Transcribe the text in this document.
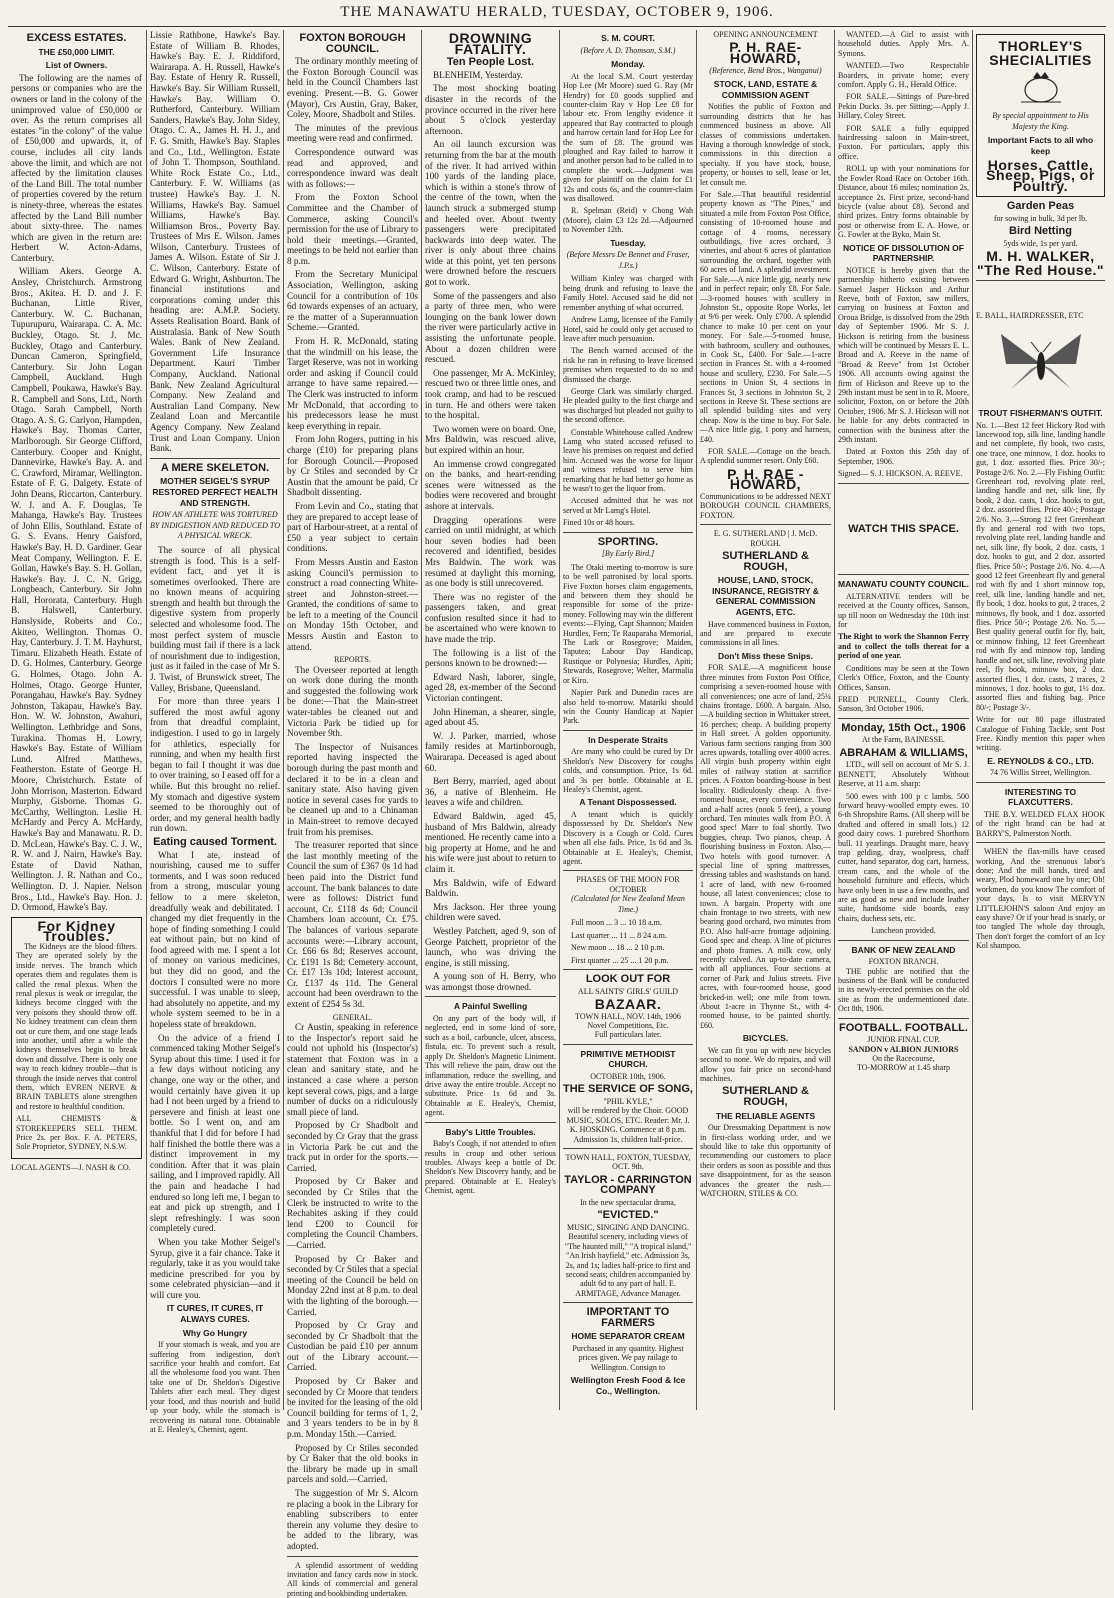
THE MANAWATU HERALD, TUESDAY, OCTOBER 9, 1906.
EXCESS ESTATES.
THE £50,000 LIMIT.
List of Owners.

The following are the names of persons or companies who are the owners or land in the colony of the unimproved value of £50,000 or over. As the return comprises all estates "in the colony" of the value of £50,000 and upwards, it, of course, includes all city lands above the limit, and which are not affected by the limitation clauses of the Land Bill. The total number of properties covered by the return is ninety-three, whereas the estates affected by the Land Bill number about sixty-three. The names which are given in the return are: Herbert W. Acton-Adams, Canterbury.

William Akers. George A. Ansley, Christchurch. Armstrong Bros., Akitea. H. D. and J. F. Buchanan, Little River, Canterbury. W. C. Buchanan, Tupurupuru, Wairarapa. C. A. Mc. Buckley, Otago. St. J. Mc. Buckley, Otago and Canterbury. Duncan Cameron, Springfield, Canterbury. Sir John Logan Campbell, Auckland. Hugh Campbell, Poukawa, Hawke's Bay. R. Campbell and Sons, Ltd., North Otago. Sarah Campbell, North Otago. A. S. G. Carlyon, Hampden, Hawke's Bay. Thomas Carter, Marlborough. Sir George Clifford, Canterbury. Cooper and Knight, Dannevirke, Hawke's Bay. A. and C. Crawford, Miramar, Wellington. Estate of F. G. Dalgety. Estate of John Deans, Riccarton, Canterbury. W. J. and A. F. Douglas, Te Mahanga, Hawke's Bay. Trustees of John Ellis, Southland. Estate of G. S. Evans. Henry Gaisford, Hawke's Bay. H. D. Gardiner. Gear Meat Company, Wellington. F. E. Gollan, Hawke's Bay. S. H. Gollan, Hawke's Bay. J. C. N. Grigg, Longbeach, Canterbury. Sir John Hall, Hororata, Canterbury. Hugh B. Halswell, Canterbury. Hanslyside, Roberts and Co., Akiteo, Wellington. Thomas O. Hay, Canterbury. J. T. M. Hayhurst, Timaru. Elizabeth Heath. Estate of D. G. Holmes, Canterbury. George G. Holmes, Otago. John A. Holmes, Otago. George Hunter, Porangahau, Hawke's Bay. Sydney Johnston, Takapau, Hawke's Bay. Hon. W. W. Johnston, Awahuri, Wellington. Lethbridge and Sons, Turakina. Thomas H. Lowry, Hawke's Bay. Estate of William Lund. Alfred Matthews, Featherston. Estate of George H. Moore, Christchurch. Estate of John Morrison, Masterton. Edward Murphy, Gisborne. Thomas G. McCarthy, Wellington. Leslie H. McHardy and Percy A. McHardy, Hawke's Bay and Manawatu. R. D. D. McLean, Hawke's Bay. C. J. W., R. W. and J. Nairn, Hawke's Bay. Estate of David Nathan, Wellington. J. R. Nathan and Co., Wellington. D. J. Napier. Nelson Bros., Ltd., Hawke's Bay. Hon. J. D. Ormond, Hawke's Bay.

For Kidney Troubles.

The Kidneys are the blood filters. They are operated solely by the inside nerves. The branch which operates them and regulates them is called the renal plexus. When the renal plexus is weak or irregular, the kidneys become clogged with the very poisons they should throw off. No kidney treatment can clean them out or cure them, and one stage leads into another, until after a while the kidneys themselves begin to break down and dissolve. There is only one way to reach kidney trouble—that is through the inside nerves that control them, which EVREN NERVE & BRAIN TABLETS alone strengthen and restore to healthful condition.

ALL CHEMISTS & STOREKEEPERS SELL THEM. Price 2s. per Box. F. A. PETERS, Sole Proprietor, SYDNEY, N.S.W.

LOCAL AGENTS—J. NASH & CO.

Lissie Rathbone, Hawke's Bay. Estate of William B. Rhodes, Hawke's Bay. E. J. Riddiford, Wairarapa. A. H. Russell, Hawke's Bay. Estate of Henry R. Russell, Hawke's Bay. Sir William Russell, Hawke's Bay. William O. Rutherford, Canterbury. William Sanders, Hawke's Bay. John Sidey, Otago. C. A., James H. H. J., and F. G. Smith, Hawke's Bay. Staples and Co., Ltd., Wellington. Estate of John T. Thompson, Southland. White Rock Estate Co., Ltd., Canterbury. F. W. Williams (as trustee) Hawke's Bay. J. N. Williams, Hawke's Bay. Samuel Williams, Hawke's Bay. Williamson Bros., Poverty Bay. Trustees of Mrs E. Wilson. James Wilson, Canterbury. Trustees of James A. Wilson. Estate of Sir J. C. Wilson, Canterbury. Estate of Edward G. Wright, Ashburton. The financial institutions and corporations coming under this heading are: A.M.P. Society. Assets Realisation Board. Bank of Australasia. Bank of New South Wales. Bank of New Zealand. Government Life Insurance Department. Kauri Timber Company, Auckland. National Bank. New Zealand Agricultural Company. New Zealand and Australian Land Company. New Zealand Loan and Mercantile Agency Company. New Zealand Trust and Loan Company. Union Bank.

A MERE SKELETON.
MOTHER SEIGEL'S SYRUP RESTORED PERFECT HEALTH AND STRENGTH.
HOW AN ATHLETE WAS TORTURED BY INDIGESTION AND REDUCED TO A PHYSICAL WRECK.

The source of all physical strength is food. This is a self-evident fact, and yet it is sometimes overlooked. There are no known means of acquiring strength and health but through the digestive system from properly selected and wholesome food. The most perfect system of muscle building must fail if there is a lack of nourishment due to indigestion, just as it failed in the case of Mr S. J. Twist, of Brunswick street, The Valley, Brisbane, Queensland.

For more than three years I suffered the most awful agony from that dreadful complaint, indigestion. I used to go in largely for athletics, especially for running, and when my health first began to fail I thought it was due to over training, so I eased off for a while. But this brought no relief. My stomach and digestive system seemed to be thoroughly out of order, and my general health badly run down.

Eating caused Torment.

What I ate, instead of nourishing, caused me to suffer torments, and I was soon reduced from a strong, muscular young fellow to a mere skeleton, dreadfully weak and debilitated. I changed my diet frequently in the hope of finding something I could eat without pain, but no kind of food agreed with me. I spent a lot of money on various medicines, but they did no good, and the doctors I consulted were no more successful. I was unable to sleep, had absolutely no appetite, and my whole system seemed to be in a hopeless state of breakdown.

On the advice of a friend I commenced taking Mother Seigel's Syrup about this time. I used it for a few days without noticing any change, one way or the other, and would certainly have given it up had I not been urged by a friend to persevere and finish at least one bottle. So I went on, and am thankful that I did for before I had half finished the bottle there was a distinct improvement in my condition. After that it was plain sailing, and I improved rapidly. All the pain and headache I had endured so long left me, I began to eat and pick up strength, and I slept refreshingly. I was soon completely cured.

When you take Mother Seigel's Syrup, give it a fair chance. Take it regularly, take it as you would take medicine prescribed for you by some celebrated physician—and it will cure you.

IT CURES, IT CURES, IT ALWAYS CURES.
Why Go Hungry

If your stomach is weak, and you are suffering from indigestion, don't sacrifice your health and comfort. Eat all the wholesome food you want. Then take one of Dr. Sheldon's Digestive Tablets after each meal. They digest your food, and thus nourish and build up your body, while the stomach is recovering its natural tone. Obtainable at E. Healey's, Chemist, agent.

FOXTON BOROUGH COUNCIL.

The ordinary monthly meeting of the Foxton Borough Council was held in the Council Chambers last evening. Present.—B. G. Gower (Mayor), Crs Austin, Gray, Baker, Coley, Moore, Shadbolt and Stiles.

The minutes of the previous meeting were read and confirmed.

Correspondence outward was read and approved, and correspondence inward was dealt with as follows:—

From the Foxton School Committee and the Chamber of Commerce, asking Council's permission for the use of Library to hold their meetings.—Granted, meetings to be held not earlier than 8 p.m.

From the Secretary Municipal Association, Wellington, asking Council for a contribution of 10s 6d towards expenses of an actuary, re the matter of a Superannuation Scheme.—Granted.

From H. R. McDonald, stating that the windmill on his lease, the Target Reserve, was not in working order and asking if Council could arrange to have same repaired.—The Clerk was instructed to inform Mr McDonald, that according to his predecessors lease he must keep everything in repair.

From John Rogers, putting in his charge (£10) for preparing plans for Borough Council.—Proposed by Cr Stiles and seconded by Cr Austin that the amount be paid, Cr Shadbolt dissenting.

From Levin and Co., stating that they are prepared to accept lease of part of Harbour-street, at a rental of £50 a year subject to certain conditions.

From Messrs Austin and Easton asking Council's permission to construct a road connecting White-street and Johnston-street.—Granted, the conditions of same to be left to a meeting of the Council on Monday 15th October, and Messrs Austin and Easton to attend.

REPORTS.

The Overseer reported at length on work done during the month and suggested the following work be done:—That the Main-street water-tables be cleaned out and Victoria Park be tidied up for November 9th.

The Inspector of Nuisances reported having inspected the borough during the past month and declared it to be in a clean and sanitary state. Also having given notice in several cases for yards to be cleaned up and to a Chinaman in Main-street to remove decayed fruit from his premises.

The treasurer reported that since the last monthly meeting of the Council the sum of £367 0s 1d had been paid into the District fund account. The bank balances to date were as follows: District fund account, Cr. £118 4s 6d; Council Chambers loan account, Cr. £75. The balances of various separate accounts were:—Library account, Cr. £66 6s 8d; Reserves account, Cr. £191 1s 8d; Cemetery account, Cr. £17 13s 10d; Interest account, Cr. £137 4s 11d. The General account had been overdrawn to the extent of £254 5s 3d.

GENERAL.

Cr Austin, speaking in reference to the Inspector's report said he could not uphold his (Inspector's) statement that Foxton was in a clean and sanitary state, and he instanced a case where a person kept several cows, pigs, and a large number of ducks on a ridiculously small piece of land.

Proposed by Cr Shadbolt and seconded by Cr Gray that the grass in Victoria Park be cut and the track put in order for the sports.—Carried.

Proposed by Cr Baker and seconded by Cr Stiles that the Clerk be instructed to write to the Rechabites asking if they could lend £200 to Council for completing the Council Chambers.—Carried.

Proposed by Cr Baker and seconded by Cr Stiles that a special meeting of the Council be held on Monday 22nd inst at 8 p.m. to deal with the lighting of the borough.—Carried.

Proposed by Cr Gray and seconded by Cr Shadbolt that the Custodian be paid £10 per annum out of the Library account.—Carried.

Proposed by Cr Baker and seconded by Cr Moore that tenders be invited for the leasing of the old Council building for terms of 1, 2, and 3 years tenders to be in by 8 p.m. Monday 15th.—Carried.

Proposed by Cr Stiles seconded by Cr Baker that the old books in the library be made up in small parcels and sold.—Carried.

The suggestion of Mr S. Alcorn re placing a book in the Library for enabling subscribers to enter therein any volume they desire to be added to the library, was adopted.

A splendid assortment of wedding invitation and fancy cards now in stock. All kinds of commercial and general printing and bookbinding undertaken.

DROWNING FATALITY.
Ten People Lost.

BLENHEIM, Yesterday.

The most shocking boating disaster in the records of the province occurred in the river here about 5 o'clock yesterday afternoon.

An oil launch excursion was returning from the bar at the mouth of the river. It had arrived within 100 yards of the landing place, which is within a stone's throw of the centre of the town, when the launch struck a submerged stump and heeled over. About twenty passengers were precipitated backwards into deep water. The river is only about three chains wide at this point, yet ten persons were drowned before the rescuers got to work.

Some of the passengers and also a party of three men, who were lounging on the bank lower down the river were particularly active in assisting the unfortunate people. About a dozen children were rescued.

One passenger, Mr A. McKinley, rescued two or three little ones, and took cramp, and had to be rescued in turn. He and others were taken to the hospital.

Two women were on board. One, Mrs Baldwin, was rescued alive, but expired within an hour.

An immense crowd congregated on the banks, and heart-rending scenes were witnessed as the bodies were recovered and brought ashore at intervals.

Dragging operations were carried on until midnight, at which hour seven bodies had been recovered and identified, besides Mrs Baldwin. The work was resumed at daylight this morning, as one body is still unrecovered.

There was no register of the passengers taken, and great confusion resulted since it had to be ascertained who were known to have made the trip.

The following is a list of the persons known to be drowned:—

Edward Nash, laborer, single, aged 28, ex-member of the Second Victorian contingent.

John Hineman, a shearer, single, aged about 45.

W. J. Parker, married, whose family resides at Martinborough, Wairarapa. Deceased is aged about 60.

Bert Berry, married, aged about 36, a native of Blenheim. He leaves a wife and children.

Edward Baldwin, aged 45, husband of Mrs Baldwin, already mentioned. He recently came into a big property at Home, and he and his wife were just about to return to claim it.

Mrs Baldwin, wife of Edward Baldwin.

Mrs Jackson. Her three young children were saved.

Westley Patchett, aged 9, son of George Patchett, proprietor of the launch, who was driving the engine, is still missing.

A young son of H. Berry, who was amongst those drowned.

A Painful Swelling

On any part of the body will, if neglected, end in some kind of sore, such as a boil, carbuncle, ulcer, abscess, fistula, etc. To prevent such a result, apply Dr. Sheldon's Magnetic Liniment. This will relieve the pain, draw out the inflammation, reduce the swelling, and drive away the entire trouble. Accept no substitute. Price 1s 6d and 3s. Obtainable at E. Healey's, Chemist, agent.

Baby's Little Troubles.

Baby's Cough, if not attended to often results in croup and other serious troubles. Always keep a bottle of Dr. Sheldon's New Discovery handy, and be prepared. Obtainable at E. Healey's Chemist, agent.

S. M. COURT.
(Before A. D. Thomson, S.M.)
Monday.

At the local S.M. Court yesterday Hop Lee (Mr Moore) sued G. Ray (Mr Hendry) for £0 goods supplied and counter-claim Ray v Hop Lee £8 for labour etc. From lengthy evidence it appeared that Ray contracted to plough and harrow certain land for Hop Lee for the sum of £8. The ground was ploughed and Ray failed to harrow it and another person had to be called in to complete the work.—Judgment was given for plaintiff on the claim for £1 12s and costs 6s, and the counter-claim was disallowed.

R. Spelman (Reid) v Chong Wah (Moore), claim £3 12s 2d.—Adjourned to November 12th.

Tuesday.
(Before Messrs De Bennet and Fraser, J.P.s.)

William Kinley was charged with being drunk and refusing to leave the Family Hotel. Accused said he did not remember anything of what occurred.

Andrew Lamg, licensee of the Family Hotel, said he could only get accused to leave after much persuasion.

The Bench warned accused of the risk he ran in refusing to leave licensed premises when requested to do so and dismissed the charge.

George Clark was similarly charged. He pleaded guilty to the first charge and was discharged but pleaded not guilty to the second offence.

Constable Whitehouse called Andrew Lamg who stated accused refused to leave his premises on request and defied him. Accused was the worse for liquor and witness refused to serve him remarking that he had better go home as he wasn't to get the liquor from.

Accused admitted that he was not served at Mr Lamg's Hotel.

Fined 10s or 48 hours.

SPORTING.
[By Early Bird.]

The Otaki meeting to-morrow is sure to be well patronised by local sports. Five Foxton horses claim engagements, and between them they should be responsible for some of the prize-money. Following may win the different events:—Flying, Capt Shannon; Maiden Hurdles, Fern; Te Rauparaha Memorial, The Lark or Rosegrove; Maiden, Taputea; Labour Day Handicap, Rustique or Polynesia; Hurdles, Apiti; Stewards, Rosegrove; Welter, Marmalia or Kiro.

Napier Park and Dunedin races are also held to-morrow. Matariki should win the County Handicap at Napier Park.

In Desperate Straits

Are many who could be cured by Dr Sheldon's New Discovery for coughs colds, and consumption. Price, 1s 6d. and 3s per bottle. Obtainable at E. Healey's Chemist, agent.

A Tenant Dispossessed.

A tenant which is quickly dispossessed by Dr. Sheldon's New Discovery is a Cough or Cold. Cures when all else fails. Price, 1s 6d and 3s. Obtainable at E. Healey's, Chemist, agent.

PHASES OF THE MOON FOR OCTOBER
(Calculated for New Zealand Mean Time.)

Full moon ... 3 ... 10 18 a.m.

Last quarter ... 11 ... 8 24 a.m.

New moon ... 18 ... 2 10 p.m.

First quarter ... 25 ... 1 20 p.m.

LOOK OUT FOR
ALL SAINTS' GIRLS' GUILD
BAZAAR.
TOWN HALL, NOV. 14th, 1906
Novel Competitions, Etc.
Full particulars later.
PRIMITIVE METHODIST CHURCH.
OCTOBER 10th, 1906.
THE SERVICE OF SONG,
"PHIL KYLE,"
will be rendered by the Choir. GOOD MUSIC, SOLOS, ETC. Reader: Mr. J. K. HOSKING. Commence at 8 p.m. Admission 1s, children half-price.
TOWN HALL, FOXTON, TUESDAY, OCT. 9th.
TAYLOR - CARRINGTON COMPANY
In the new spectacular drama,
"EVICTED."
MUSIC, SINGING AND DANCING. Beautiful scenery, including views of "The haunted mill," "A tropical island," "An Irish hayfield," etc. Admission 3s, 2s, and 1s; ladies half-price to first and second seats; children accompanied by adult 6d to any part of hall. E. ARMITAGE, Advance Manager.
IMPORTANT TO FARMERS
HOME SEPARATOR CREAM
Purchased in any quantity. Highest prices given. We pay railage to Wellington. Consign to
Wellington Fresh Food & Ice Co., Wellington.
OPENING ANNOUNCEMENT
P. H. RAE-HOWARD,
(Reference, Bend Bros., Wanganui)
STOCK, LAND, ESTATE & COMMISSION AGENT

Notifies the public of Foxton and surrounding districts that he has commenced business as above. All classes of commissions undertaken. Having a thorough knowledge of stock, commissions in this direction a specialty. If you have stock, house, property, or houses to sell, lease or let, let consult me.

For Sale.—That beautiful residential property known as "The Pines," and situated a mile from Foxton Post Office, consisting of 10-roomed house and cottage of 4 rooms, necessary outbuildings, five acres orchard, 3 vineries, and about 6 acres of plantation surrounding the orchard, together with 60 acres of land. A splendid investment. For Sale.—A nice little gig, nearly new and in perfect repair; only £8. For Sale.—3-roomed houses with scullery in Johnston St., opposite Rope Works, let at 9/6 per week. Only £700. A splendid chance to make 10 per cent on your money. For Sale.—5-roomed house, with bathroom, scullery and outhouses, in Cook St., £400. For Sale.—1-acre section in Frances St. with a 4-roomed house and scullery, £230. For Sale.—5 sections in Union St, 4 sections in Frances St, 3 sections in Johnston St, 2 sections in Reeve St. These sections are all splendid building sites and very cheap. Now is the time to buy. For Sale.—A nice little gig, 1 pony and harness, £40.

FOR SALE.—Cottage on the beach. A splendid summer resort. Only £60.

P. H. RAE - HOWARD,

Communications to be addressed NEXT BOROUGH COUNCIL CHAMBERS, FOXTON.

E. G. SUTHERLAND | J. McD. ROUGH.
SUTHERLAND & ROUGH,
HOUSE, LAND, STOCK, INSURANCE, REGISTRY & GENERAL COMMISSION AGENTS, ETC.

Have commenced business in Foxton, and are prepared to execute commissions in all lines.

Don't Miss these Snips.

FOR SALE.—A magnificent house three minutes from Foxton Post Office, comprising a seven-roomed house with all conveniences; one acre of land, 25¼ chains frontage. £600. A bargain. Also,—A building section in Whittaker street, 16 perches; cheap. A building property in Hall street. A golden opportunity. Various farm sections ranging from 300 acres upwards, totalling over 4000 acres. All virgin bush property within eight miles of railway station at sacrifice prices. A Foxton boarding-house in best locality. Ridiculously cheap. A five-roomed house, every convenience. Two and a-half acres (nook 5 feet), a young orchard. Ten minutes walk from P.O. A good spec! Mare to foal shortly. Two buggies, cheap. Two pianos, cheap. A flourishing business in Foxton. Also,—Two hotels with good turnover. A special line of spring mattresses, dressing tables and washstands on hand. 1 acre of land, with new 6-roomed house, all latest conveniences; close to town. A bargain. Property with one chain frontage to two streets, with new bearing good orchard, two minutes from P.O. Also half-acre frontage adjoining. Good spec and cheap. A line of pictures and photo frames. A milk cow, only recently calved. An up-to-date camera, with all appliances. Four sections at corner of Park and Julius streets. Five acres, with four-roomed house, good bricked-in well; one mile from town. About 1-acre in Thynne St., with 4-roomed house, to be painted shortly. £60.

BICYCLES.

We can fit you up with new bicycles second to none. We do repairs, and will allow you fair price on second-hand machines.

SUTHERLAND & ROUGH,
THE RELIABLE AGENTS

Our Dressmaking Department is now in first-class working order, and we should like to take this opportunity of recommending our customers to place their orders as soon as possible and thus save disappointment, for as the season advances the greater the rush.—WATCHORN, STILES & CO.

WANTED.—A Girl to assist with household duties. Apply Mrs. A. Symons.

WANTED.—Two Respectable Boarders, in private home; every comfort. Apply G. H., Herald Office.

FOR SALE.—Sittings of Pure-bred Pekin Ducks. 3s. per Sitting;—Apply J. Hillary, Coley Street.

FOR SALE a fully equipped hairdressing saloon in Main-street, Foxton. For particulars, apply this office.

ROLL up with your nominations for the Fowler Road Race on October 16th. Distance, about 16 miles; nomination 2s, acceptance 2s. First prize, second-hand bicycle (value about £8). Second and third prizes. Entry forms obtainable by post or otherwise from E. A. Howe, or G. Fowler at the Byko, Main St.

NOTICE OF DISSOLUTION OF PARTNERSHIP.

NOTICE is hereby given that the partnership hitherto existing between Samuel Jasper Hickson and Arthur Reeve, both of Foxton, saw millers, carrying on business at Foxton and Oroua Bridge, is dissolved from the 29th day of September 1906. Mr S. J. Hickson is retiring from the business which will be continued by Messrs E. L. Broad and A. Reeve in the name of "Broad & Reeve" from 1st October 1906. All accounts owing against the firm of Hickson and Reeve up to the 29th instant must be sent in to R. Moore, solicitor, Foxton, on or before the 20th October, 1906. Mr S. J. Hickson will not be liable for any debts contracted in connection with the business after the 29th instant.

Dated at Foxton this 25th day of September, 1906.

Signed— S. J. HICKSON. A. REEVE.

WATCH THIS SPACE.
MANAWATU COUNTY COUNCIL.

ALTERNATIVE tenders will be received at the County offices, Sanson, up till noon on Wednesday the 10th inst for

The Right to work the Shannon Ferry and to collect the tolls thereat for a period of one year.

Conditions may be seen at the Town Clerk's Office, Foxton, and the County Offices, Sanson.

FRED PURNELL, County Clerk. Sanson, 3rd October 1906.

Monday, 15th Oct., 1906
At the Farm, BAINESSE.
ABRAHAM & WILLIAMS,

LTD., will sell on account of Mr S. J. BENNETT, Absolutely Without Reserve, at 11 a.m. sharp:

500 ewes with 100 p c lambs. 500 forward heavy-woolled empty ewes. 10 6-th Shropshire Rams. (All sheep will be drafted and offered in small lots.) 12 good dairy cows. 1 purebred Shorthorn bull. 11 yearlings. Draught mare, heavy trap gelding, dray, woolpress, chaff cutter, hand separator, dog cart, harness, cream cans, and the whole of the household furniture and effects, which have only been in use a few months, and are as good as new and include leather suite, handsome side boards, easy chairs, duchess sets, etc.

Luncheon provided.
BANK OF NEW ZEALAND
FOXTON BRANCH.

THE public are notified that the business of the Bank will be conducted in its newly-erected premises on the old site as from the undermentioned date. Oct 8th, 1906.

FOOTBALL. FOOTBALL.
JUNIOR FINAL CUP.
SANDON v ALBION JUNIORS
On the Racecourse,
TO-MORROW at 1.45 sharp
THORLEY'S
SHECIALITIES
By special appointment to His Majesty the King.
Important Facts to all who keep
Horses, Cattle, Sheep, Pigs, or Poultry.
Garden Peas
for sowing in bulk, 3d per lb.
Bird Netting
5yds wide, 1s per yard.
M. H. WALKER,
"The Red House."
E. BALL, HAIRDRESSER, ETC
TROUT FISHERMAN'S OUTFIT.

No. 1.—Best 12 feet Hickory Rod with lancewood top, silk line, landing handle and net complete, fly book, two casts, one trace, one minnow, 1 doz. hooks to gut, 1 doz. assorted flies. Price 30/-; Postage 2/6. No. 2.—Fly Fishing Outfit: Greenheart rod, revolving plate reel, landing handle and net, silk line, fly book, 2 doz. casts, 1 doz. hooks to gut, 2 doz. assorted flies. Price 40/-; Postage 2/6. No. 3.—Strong 12 feet Greenheart fly and general rod with two tops, revolving plate reel, landing handle and net, silk line, fly book, 2 doz. casts, 1 doz. hooks to gut, and 2 doz. assorted flies. Price 50/-; Postage 2/6. No. 4.—A good 12 feet Greenheart fly and general rod with fly and 1 short minnow top, reel, silk line, landing handle and net, fly book, 1 doz. hooks to gut, 2 traces, 2 minnows, fly book, and 1 doz. assorted flies. Price 50/-; Postage 2/6. No. 5.—Best quality general outfit for fly, bait, or minnow fishing, 12 feet Greenheart rod with fly and minnow top, landing handle and net, silk line, revolving plate reel, fly book, minnow box, 2 doz. assorted flies, 1 doz. casts, 2 traces, 2 minnows, 1 doz. hooks to gut, 1½ doz. assorted flies and fishing bag. Price 80/-; Postage 3/-.

Write for our 80 page illustrated Catalogue of Fishing Tackle, sent Post Free. Kindly mention this paper when writing.

E. REYNOLDS & CO., LTD.
74 76 Willis Street, Wellington.
INTERESTING TO FLAXCUTTERS.

THE B.Y. WELDED FLAX HOOK of the right brand can be had at BARRY'S, Palmerston North.

WHEN the flax-mills have ceased working, And the strenuous labor's done; And the mill hands, tired and weary, Plod homeward one by one; Oh! workmen, do you know The comfort of your days, Is to visit MERVYN LITTLEJOHN'S saloon And enjoy an easy shave? Or if your head is snarly, or too tangled The whole day through, Then don't forget the comfort of an Icy Kol shampoo.
